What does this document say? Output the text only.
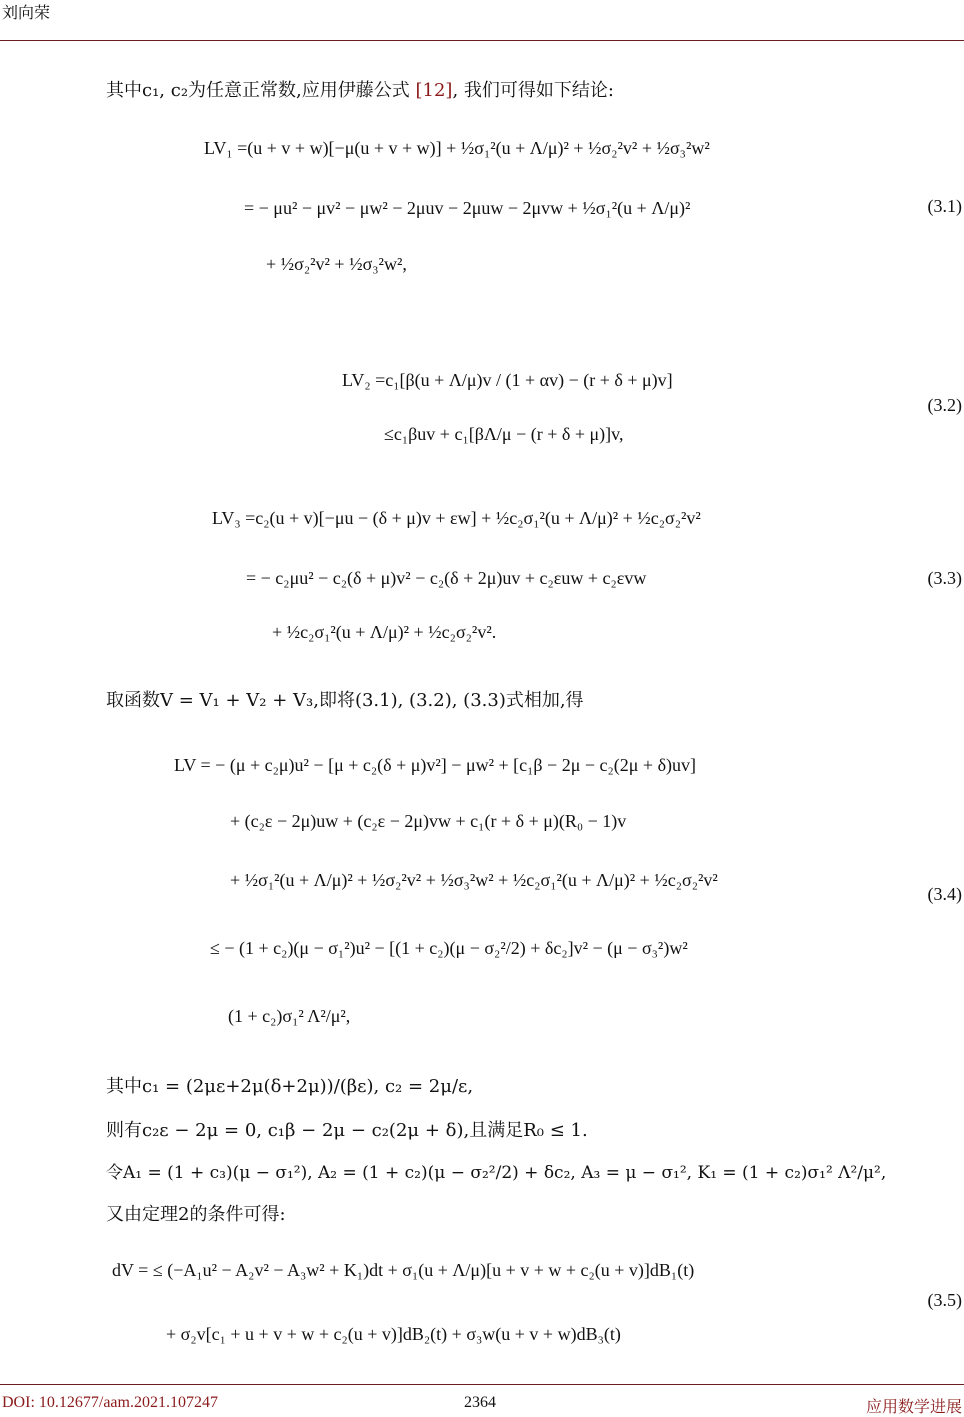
刘向荣
其中c₁, c₂为任意正常数,应用伊藤公式 [12], 我们可得如下结论:
LV₁ =(u + v + w)[−μ(u + v + w)] + ½σ₁²(u + Λ/μ)² + ½σ₂²v² + ½σ₃²w²
= − μu² − μv² − μw² − 2μuv − 2μuw − 2μvw + ½σ₁²(u + Λ/μ)²
+ ½σ₂²v² + ½σ₃²w²,
(3.1)
LV₂ =c₁[β(u + Λ/μ)v / (1 + αv) − (r + δ + μ)v]
≤c₁βuv + c₁[βΛ/μ − (r + δ + μ)]v,
(3.2)
LV₃ =c₂(u + v)[−μu − (δ + μ)v + εw] + ½c₂σ₁²(u + Λ/μ)² + ½c₂σ₂²v²
= − c₂μu² − c₂(δ + μ)v² − c₂(δ + 2μ)uv + c₂εuw + c₂εvw
+ ½c₂σ₁²(u + Λ/μ)² + ½c₂σ₂²v².
(3.3)
取函数V = V₁ + V₂ + V₃,即将(3.1), (3.2), (3.3)式相加,得
LV = − (μ + c₂μ)u² − [μ + c₂(δ + μ)v²] − μw² + [c₁β − 2μ − c₂(2μ + δ)uv]
+ (c₂ε − 2μ)uw + (c₂ε − 2μ)vw + c₁(r + δ + μ)(R₀ − 1)v
+ ½σ₁²(u + Λ/μ)² + ½σ₂²v² + ½σ₃²w² + ½c₂σ₁²(u + Λ/μ)² + ½c₂σ₂²v²
≤ − (1 + c₂)(μ − σ₁²)u² − [(1 + c₂)(μ − σ₂²/2) + δc₂]v² − (μ − σ₃²)w²
(1 + c₂)σ₁² Λ²/μ²,
(3.4)
其中c₁ = (2με+2μ(δ+2μ))/(βε), c₂ = 2μ/ε,
则有c₂ε − 2μ = 0, c₁β − 2μ − c₂(2μ + δ),且满足R₀ ≤ 1.
令A₁ = (1 + c₃)(μ − σ₁²), A₂ = (1 + c₂)(μ − σ₂²/2) + δc₂, A₃ = μ − σ₁², K₁ = (1 + c₂)σ₁² Λ²/μ²,
又由定理2的条件可得:
dV = ≤ (−A₁u² − A₂v² − A₃w² + K₁)dt + σ₁(u + Λ/μ)[u + v + w + c₂(u + v)]dB₁(t)
+ σ₂v[c₁ + u + v + w + c₂(u + v)]dB₂(t) + σ₃w(u + v + w)dB₃(t)
(3.5)
DOI: 10.12677/aam.2021.107247	2364	应用数学进展
